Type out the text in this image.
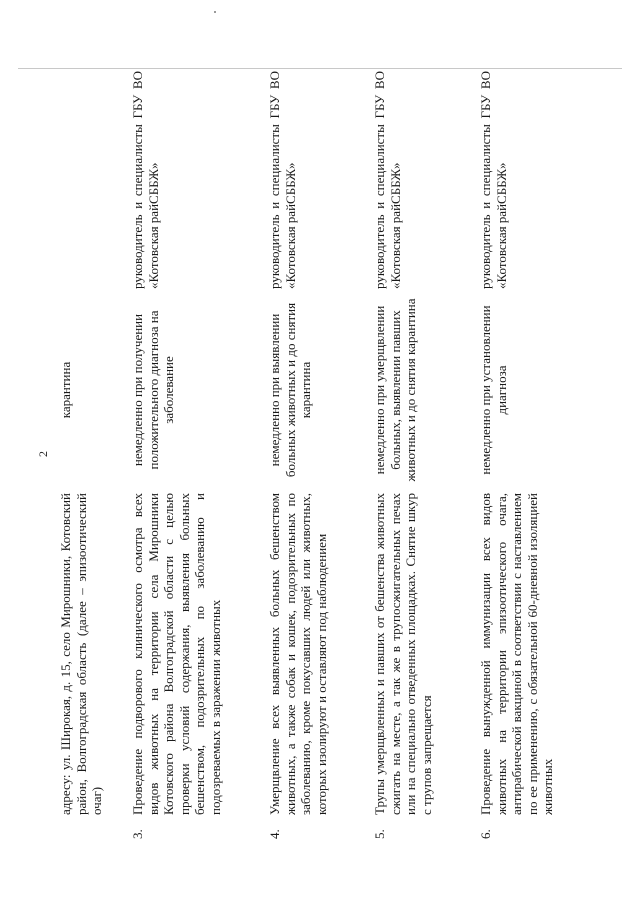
2
адресу: ул. Широкая, д. 15, село Мирошники, Котовский район, Волгоградская область (далее – эпизоотический очаг)
карантина
3.
Проведение подворового клинического осмотра всех видов животных на территории села Мирошники Котовского района Волгоградской области с целью проверки условий содержания, выявления больных бешенством, подозрительных по заболеванию и подозреваемых в заражении животных
немедленно при получении положительного диагноза на заболевание
руководитель и специалисты ГБУ ВО «Котовская райСББЖ»
4.
Умерщвление всех выявленных больных бешенством животных, а также собак и кошек, подозрительных по заболеванию, кроме покусавших людей или животных, которых изолируют и оставляют под наблюдением
немедленно при выявлении больных животных и до снятия карантина
руководитель и специалисты ГБУ ВО «Котовская райСББЖ»
5.
Трупы умерщвленных и павших от бешенства животных сжигать на месте, а так же в трупосжигательных печах или на специально отведенных площадках. Снятие шкур с трупов запрещается
немедленно при умерщвлении больных, выявлении павших животных и до снятия карантина
руководитель и специалисты ГБУ ВО «Котовская райСББЖ»
6.
Проведение вынужденной иммунизации всех видов животных на территории эпизоотического очага, антирабической вакциной в соответствии с наставлением по ее применению, с обязательной 60-дневной изоляцией животных
немедленно при установлении диагноза
руководитель и специалисты ГБУ ВО «Котовская райСББЖ»
